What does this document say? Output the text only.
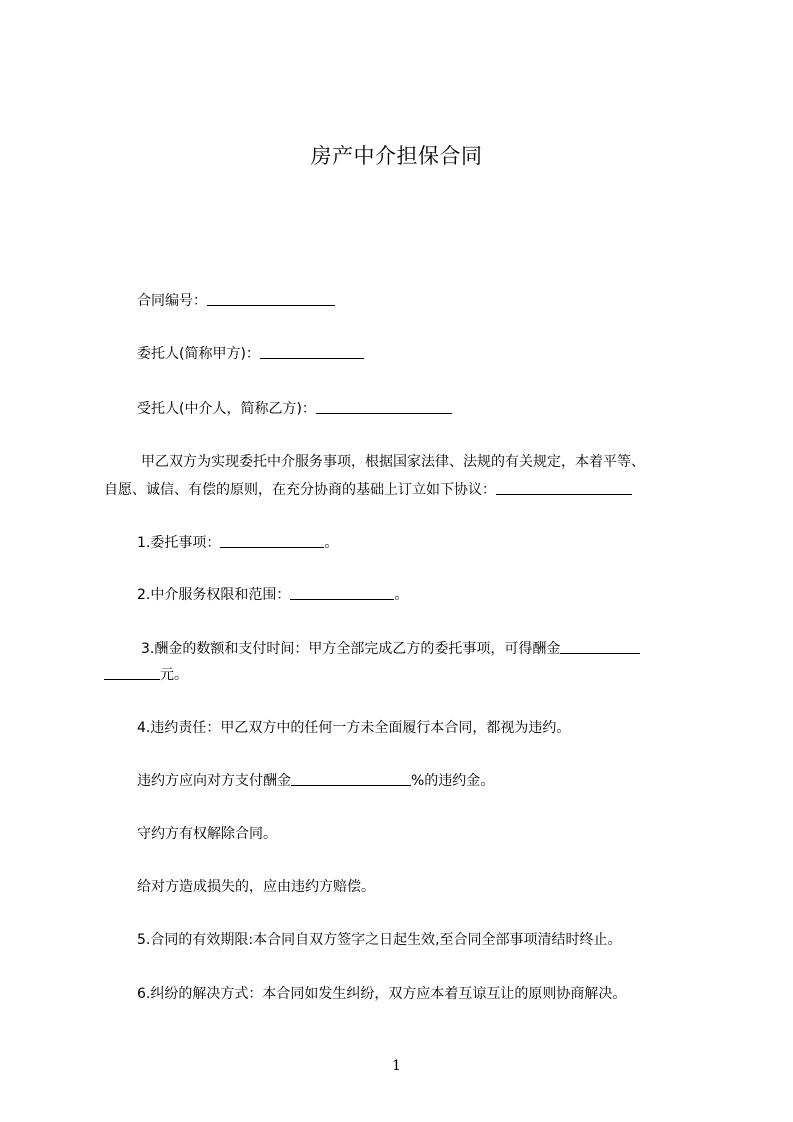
房产中介担保合同
合同编号：
委托人(简称甲方)：
受托人(中介人，简称乙方)：
甲乙双方为实现委托中介服务事项，根据国家法律、法规的有关规定，本着平等、
自愿、诚信、有偿的原则，在充分协商的基础上订立如下协议：
1.委托事项：	。
2.中介服务权限和范围：	。
3.酬金的数额和支付时间：甲方全部完成乙方的委托事项，可得酬金
元。
4.违约责任：甲乙双方中的任何一方未全面履行本合同，都视为违约。
违约方应向对方支付酬金	%的违约金。
守约方有权解除合同。
给对方造成损失的，应由违约方赔偿。
5.合同的有效期限:本合同自双方签字之日起生效,至合同全部事项清结时终止。
6.纠纷的解决方式：本合同如发生纠纷，双方应本着互谅互让的原则协商解决。
1
